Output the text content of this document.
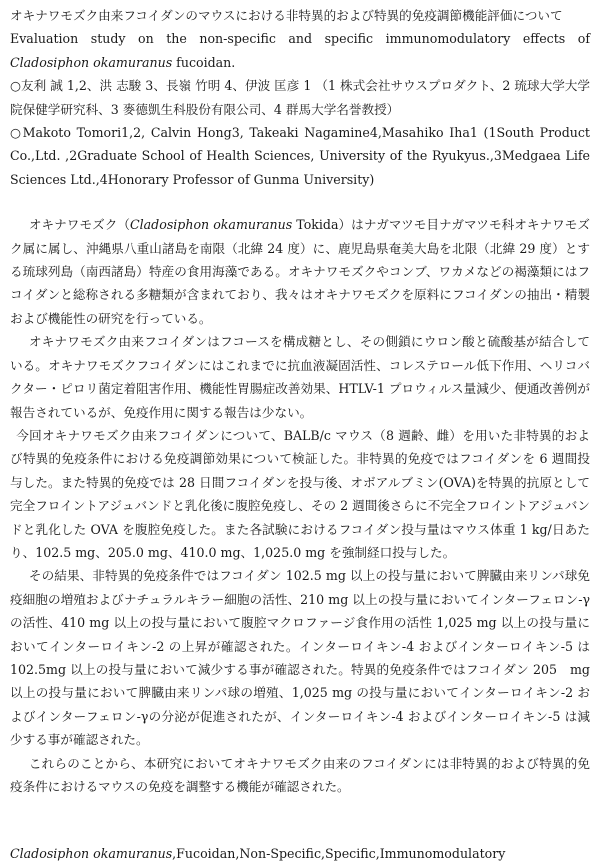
オキナワモズク由来フコイダンのマウスにおける非特異的および特異的免疫調節機能評価について

Evaluation study on the non-specific and specific immunomodulatory effects of Cladosiphon okamuranus fucoidan.

○友利 誠 1,2、洪 志駿 3、長嶺 竹明 4、伊波 匡彦 1 （1 株式会社サウスプロダクト、2 琉球大学大学院保健学研究科、3 麥德凱生科股份有限公司、4 群馬大学名誉教授）

○Makoto Tomori1,2, Calvin Hong3, Takeaki Nagamine4,Masahiko Iha1 (1South Product Co.,Ltd. ,2Graduate School of Health Sciences, University of the Ryukyus.,3Medgaea Life Sciences Ltd.,4Honorary Professor of Gunma University)

オキナワモズク（Cladosiphon okamuranus Tokida）はナガマツモ目ナガマツモ科オキナワモズク属に属し、沖縄県八重山諸島を南限（北緯 24 度）に、鹿児島県奄美大島を北限（北緯 29 度）とする琉球列島（南西諸島）特産の食用海藻である。オキナワモズクやコンブ、ワカメなどの褐藻類にはフコイダンと総称される多糖類が含まれており、我々はオキナワモズクを原料にフコイダンの抽出・精製および機能性の研究を行っている。

オキナワモズク由来フコイダンはフコースを構成糖とし、その側鎖にウロン酸と硫酸基が結合している。オキナワモズクフコイダンにはこれまでに抗血液凝固活性、コレステロール低下作用、ヘリコバクター・ピロリ菌定着阻害作用、機能性胃腸症改善効果、HTLV-1 プロウィルス量減少、便通改善例が報告されているが、免疫作用に関する報告は少ない。

今回オキナワモズク由来フコイダンについて、BALB/c マウス（8 週齢、雌）を用いた非特異的および特異的免疫条件における免疫調節効果について検証した。非特異的免疫ではフコイダンを 6 週間投与した。また特異的免疫では 28 日間フコイダンを投与後、オボアルブミン(OVA)を特異的抗原として完全フロイントアジュバンドと乳化後に腹腔免疫し、その 2 週間後さらに不完全フロイントアジュバンドと乳化した OVA を腹腔免疫した。また各試験におけるフコイダン投与量はマウス体重 1 kg/日あたり、102.5 mg、205.0 mg、410.0 mg、1,025.0 mg を強制経口投与した。

その結果、非特異的免疫条件ではフコイダン 102.5 mg 以上の投与量において脾臓由来リンパ球免疫細胞の増殖およびナチュラルキラー細胞の活性、210 mg 以上の投与量においてインターフェロン-γの活性、410 mg 以上の投与量において腹腔マクロファージ食作用の活性 1,025 mg 以上の投与量においてインターロイキン-2 の上昇が確認された。インターロイキン-4 およびインターロイキン-5 は 102.5mg 以上の投与量において減少する事が確認された。特異的免疫条件ではフコイダン 205　mg 以上の投与量において脾臓由来リンパ球の増殖、1,025 mg の投与量においてインターロイキン-2 およびインターフェロン-γの分泌が促進されたが、インターロイキン-4 およびインターロイキン-5 は減少する事が確認された。

これらのことから、本研究においてオキナワモズク由来のフコイダンには非特異的および特異的免疫条件におけるマウスの免疫を調整する機能が確認された。

Cladosiphon okamuranus,Fucoidan,Non-Specific,Specific,Immunomodulatory
